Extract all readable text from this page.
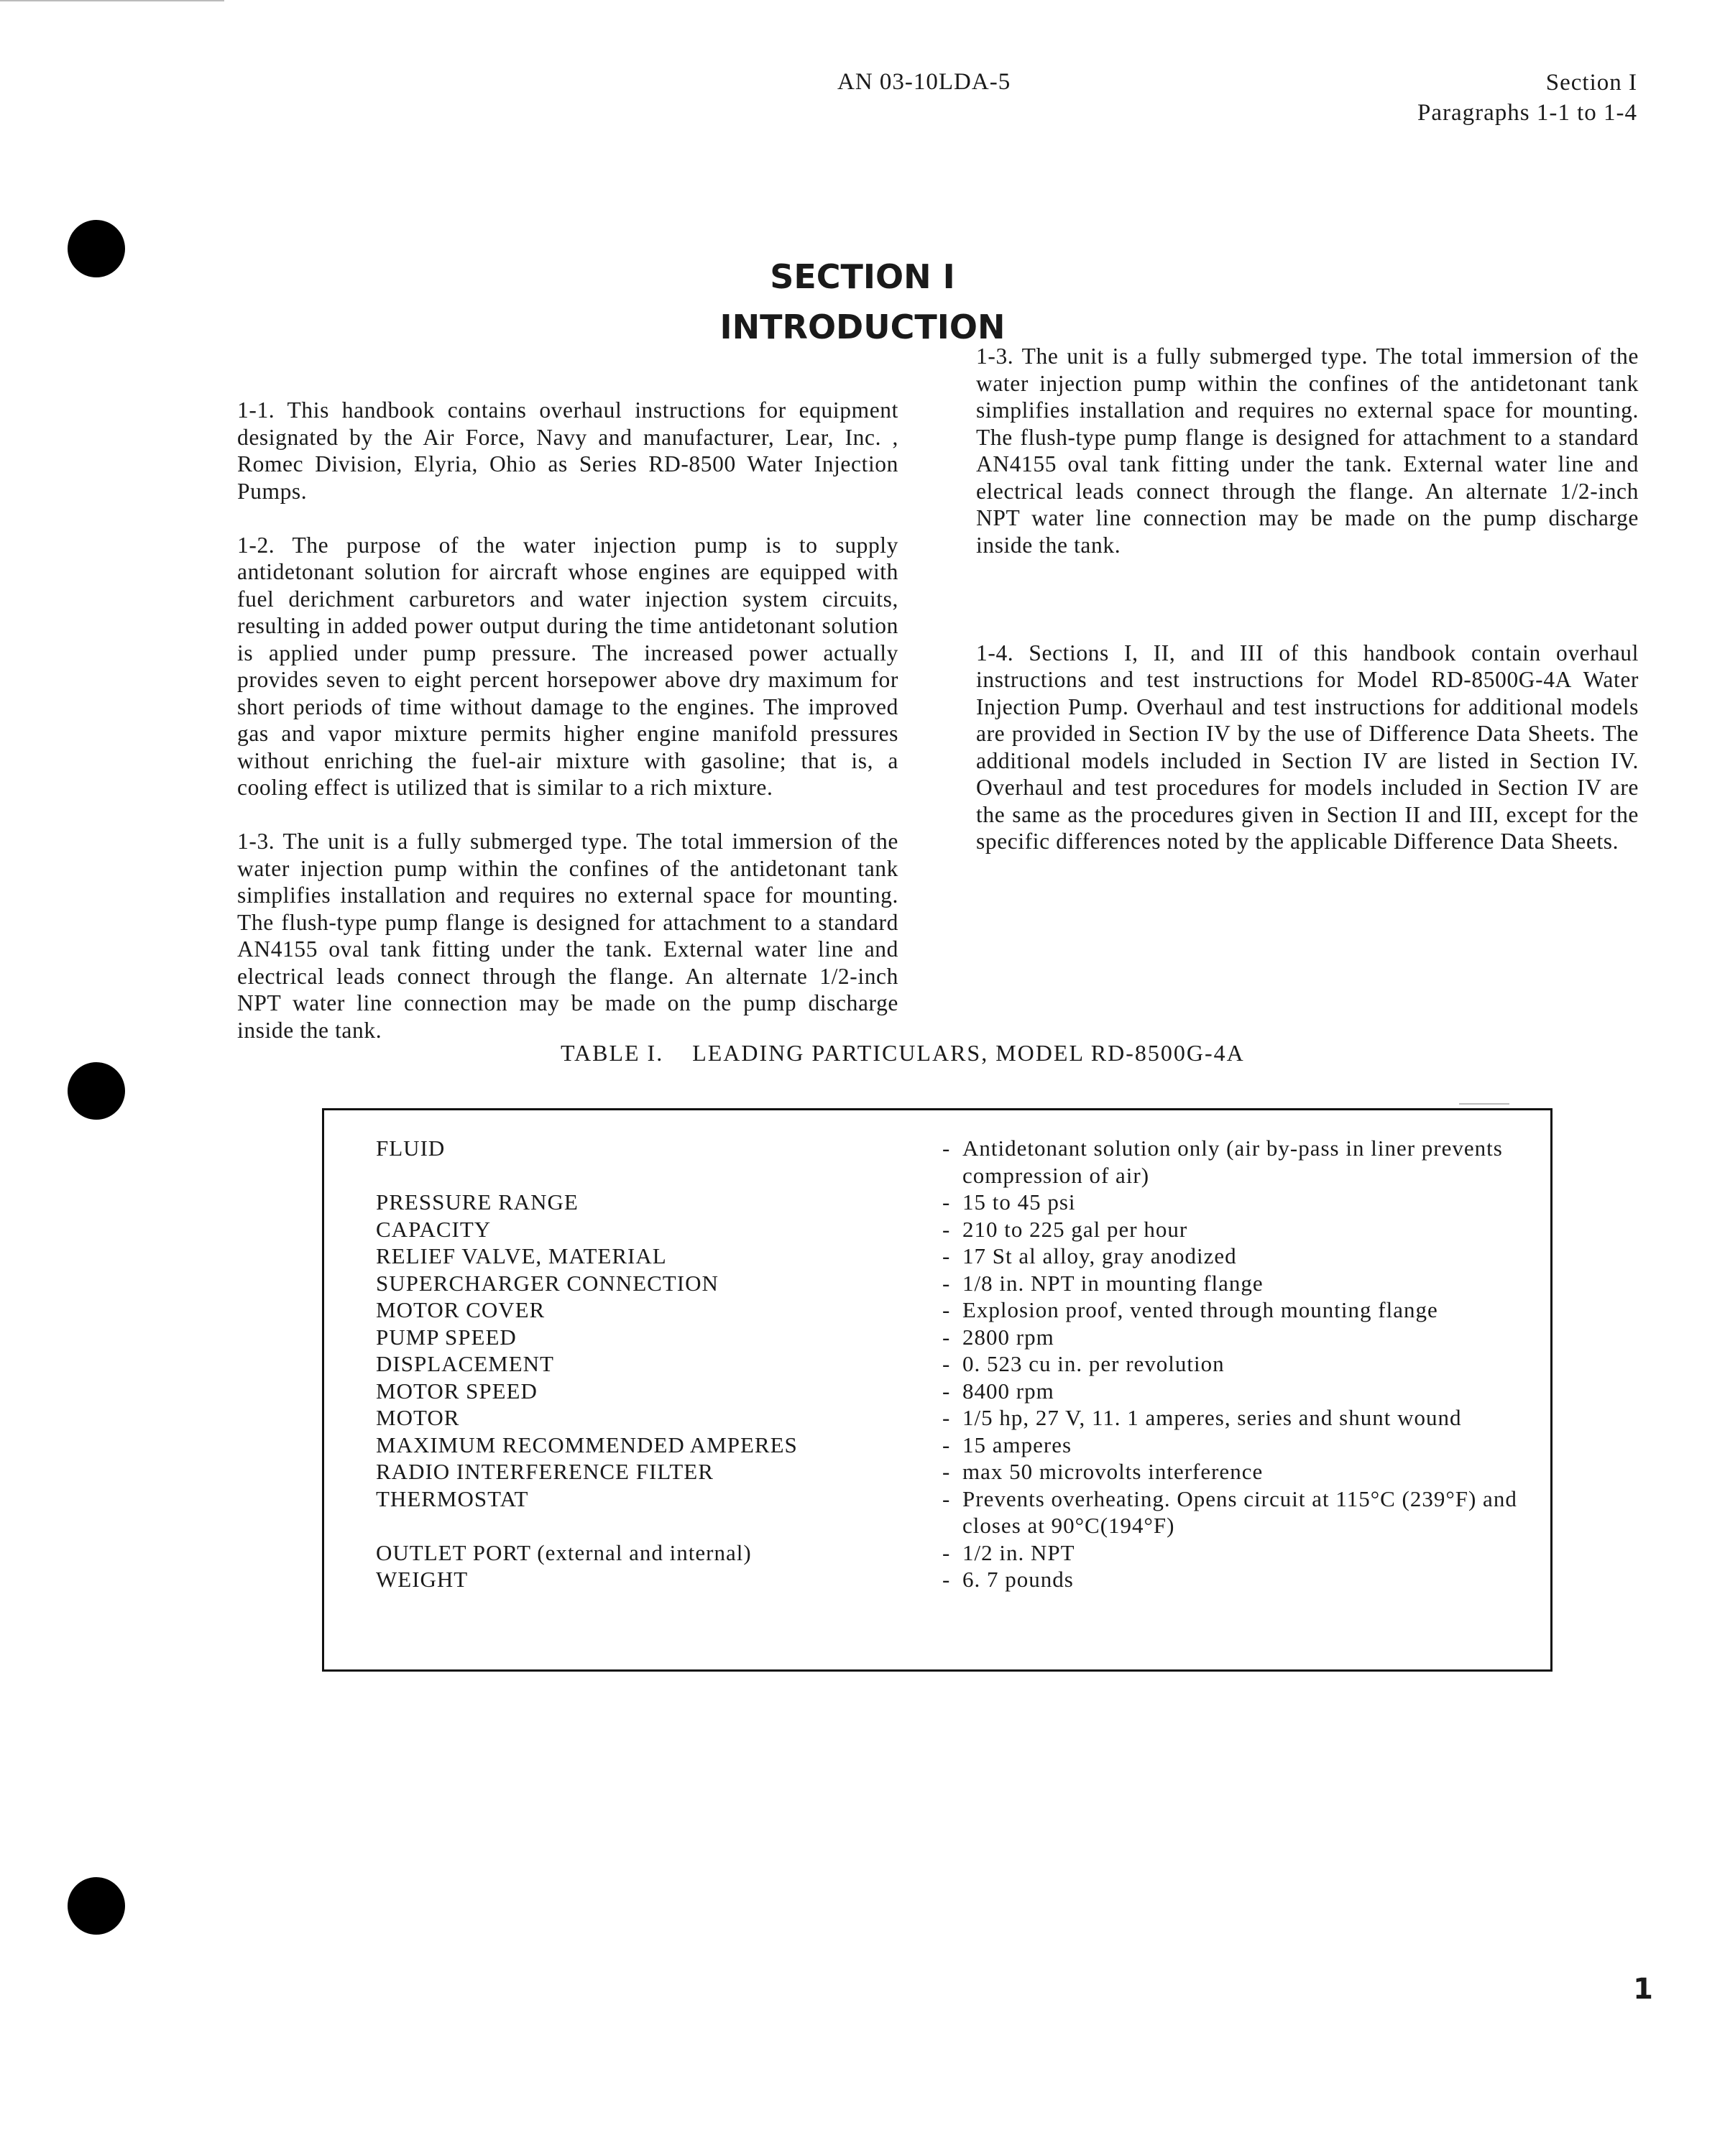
AN 03-10LDA-5	Section I
Paragraphs 1-1 to 1-4
SECTION I
INTRODUCTION

1-1. This handbook contains overhaul instructions for equipment designated by the Air Force, Navy and manufacturer, Lear, Inc. , Romec Division, Elyria, Ohio as Series RD-8500 Water Injection Pumps.

1-2. The purpose of the water injection pump is to supply antidetonant solution for aircraft whose engines are equipped with fuel derichment carburetors and water injection system circuits, resulting in added power output during the time antidetonant solution is applied under pump pressure. The increased power actually provides seven to eight percent horsepower above dry maximum for short periods of time without damage to the engines. The improved gas and vapor mixture permits higher engine manifold pressures without enriching the fuel-air mixture with gasoline; that is, a cooling effect is utilized that is similar to a rich mixture.

1-3. The unit is a fully submerged type. The total immersion of the water injection pump within the confines of the antidetonant tank simplifies installation and requires no external space for mounting. The flush-type pump flange is designed for attachment to a standard AN4155 oval tank fitting under the tank. External water line and electrical leads connect through the flange. An alternate 1/2-inch NPT water line connection may be made on the pump discharge inside the tank.

1-3. The unit is a fully submerged type. The total immersion of the water injection pump within the confines of the antidetonant tank simplifies installation and requires no external space for mounting. The flush-type pump flange is designed for attachment to a standard AN4155 oval tank fitting under the tank. External water line and electrical leads connect through the flange. An alternate 1/2-inch NPT water line connection may be made on the pump discharge inside the tank.

1-4. Sections I, II, and III of this handbook contain overhaul instructions and test instructions for Model RD-8500G-4A Water Injection Pump. Overhaul and test instructions for additional models are provided in Section IV by the use of Difference Data Sheets. The additional models included in Section IV are listed in Section IV. Overhaul and test procedures for models included in Section IV are the same as the procedures given in Section II and III, except for the specific differences noted by the applicable Difference Data Sheets.

TABLE I. LEADING PARTICULARS, MODEL RD-8500G-4A
FLUID	- Antidetonant solution only (air by-pass in liner prevents compression of air)
PRESSURE RANGE	- 15 to 45 psi
CAPACITY	- 210 to 225 gal per hour
RELIEF VALVE, MATERIAL	- 17 St al alloy, gray anodized
SUPERCHARGER CONNECTION	- 1/8 in. NPT in mounting flange
MOTOR COVER	- Explosion proof, vented through mounting flange
PUMP SPEED	- 2800 rpm
DISPLACEMENT	- 0. 523 cu in. per revolution
MOTOR SPEED	- 8400 rpm
MOTOR	- 1/5 hp, 27 V, 11. 1 amperes, series and shunt wound
MAXIMUM RECOMMENDED AMPERES	- 15 amperes
RADIO INTERFERENCE FILTER	- max 50 microvolts interference
THERMOSTAT	- Prevents overheating. Opens circuit at 115°C (239°F) and closes at 90°C(194°F)
OUTLET PORT (external and internal)	- 1/2 in. NPT
WEIGHT	- 6. 7 pounds
1
